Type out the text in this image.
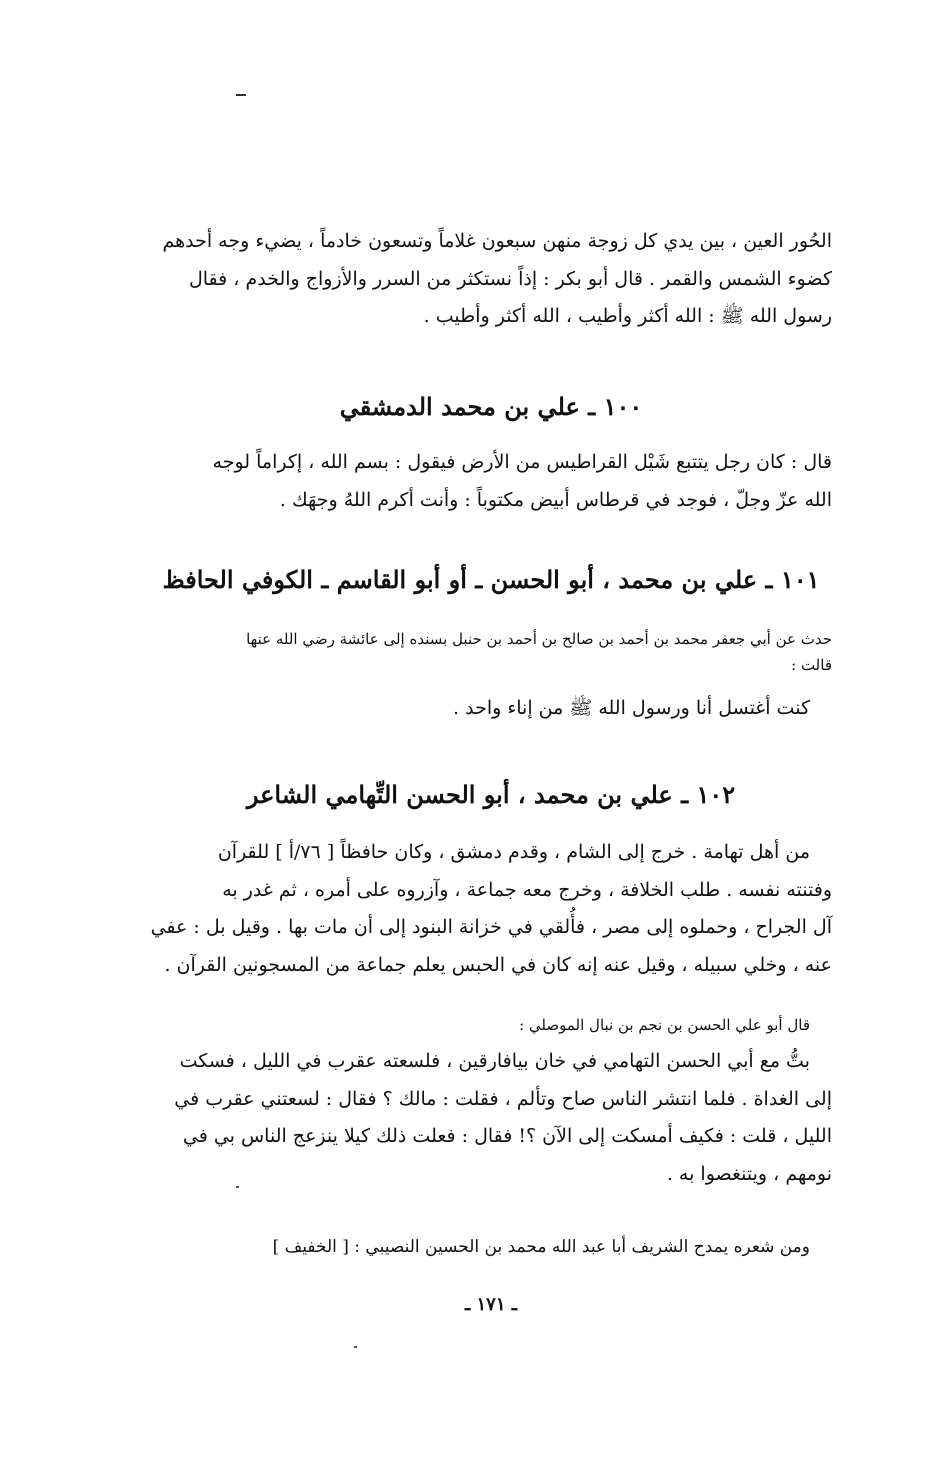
الحُور العين ، بين يدي كل زوجة منهن سبعون غلاماً وتسعون خادماً ، يضيء وجه أحدهم
كضوء الشمس والقمر . قال أبو بكر : إذاً نستكثر من السرر والأزواج والخدم ، فقال
رسول الله ﷺ : الله أكثر وأطيب ، الله أكثر وأطيب .
١٠٠ ـ علي بن محمد الدمشقي
قال : كان رجل يتتبع شَيْل القراطيس من الأرض فيقول : بسم الله ، إكراماً لوجه
الله عزّ وجلّ ، فوجد في قرطاس أبيض مكتوباً : وأنت أكرم اللهُ وجهَك .
١٠١ ـ علي بن محمد ، أبو الحسن ـ أو أبو القاسم ـ الكوفي الحافظ
حدث عن أبي جعفر محمد بن أحمد بن صالح بن أحمد بن حنبل بسنده إلى عائشة رضي الله عنها
قالت :
كنت أغتسل أنا ورسول الله ﷺ من إناء واحد .
١٠٢ ـ علي بن محمد ، أبو الحسن التِّهامي الشاعر
من أهل تهامة . خرج إلى الشام ، وقدم دمشق ، وكان حافظاً [ ٧٦/أ ] للقرآن
وفتنته نفسه . طلب الخلافة ، وخرج معه جماعة ، وآزروه على أمره ، ثم غدر به
آل الجراح ، وحملوه إلى مصر ، فأُلقي في خزانة البنود إلى أن مات بها . وقيل بل : عفي
عنه ، وخلي سبيله ، وقيل عنه إنه كان في الحبس يعلم جماعة من المسجونين القرآن .
قال أبو علي الحسن بن نجم بن نبال الموصلي :
بتُّ مع أبي الحسن التهامي في خان بيافارقين ، فلسعته عقرب في الليل ، فسكت
إلى الغداة . فلما انتشر الناس صاح وتألم ، فقلت : مالك ؟ فقال : لسعتني عقرب في
الليل ، قلت : فكيف أمسكت إلى الآن ؟! فقال : فعلت ذلك كيلا ينزعج الناس بي في
نومهم ، ويتنغصوا به .
ومن شعره يمدح الشريف أبا عبد الله محمد بن الحسين النصيبي : [ الخفيف ]
ـ ١٧١ ـ
